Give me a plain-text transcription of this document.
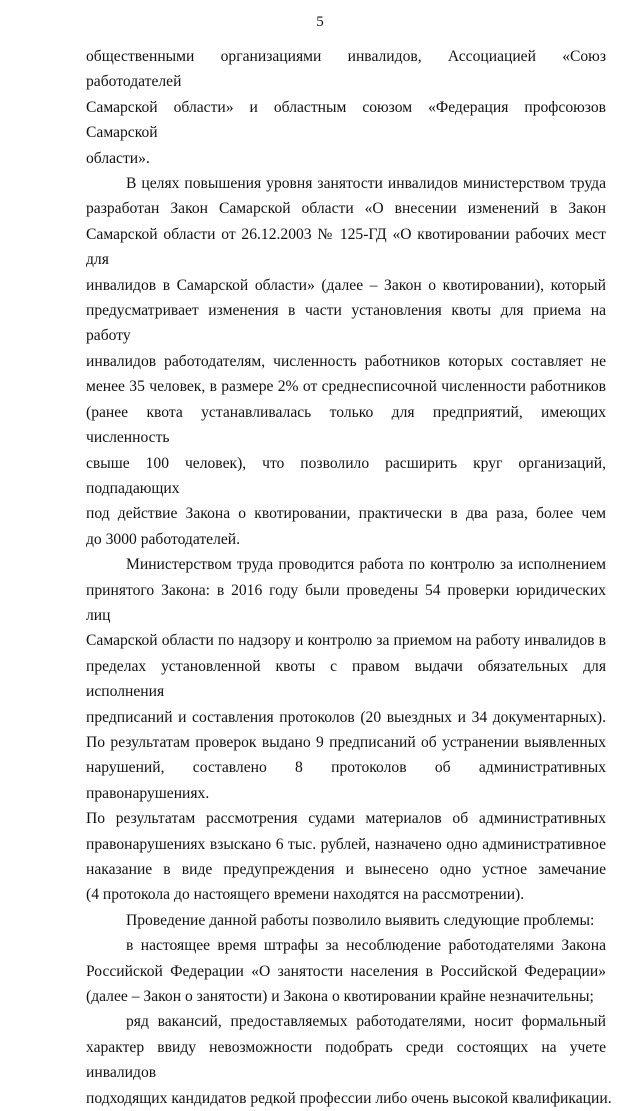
5
общественными организациями инвалидов, Ассоциацией «Союз работодателей
Самарской области» и областным союзом «Федерация профсоюзов Самарской
области».
В целях повышения уровня занятости инвалидов министерством труда
разработан Закон Самарской области «О внесении изменений в Закон
Самарской области от 26.12.2003 № 125-ГД «О квотировании рабочих мест для
инвалидов в Самарской области» (далее – Закон о квотировании), который
предусматривает изменения в части установления квоты для приема на работу
инвалидов работодателям, численность работников которых составляет не
менее 35 человек, в размере 2% от среднесписочной численности работников
(ранее квота устанавливалась только для предприятий, имеющих численность
свыше 100 человек), что позволило расширить круг организаций, подпадающих
под действие Закона о квотировании, практически в два раза, более чем
до 3000 работодателей.
Министерством труда проводится работа по контролю за исполнением
принятого Закона: в 2016 году были проведены 54 проверки юридических лиц
Самарской области по надзору и контролю за приемом на работу инвалидов в
пределах установленной квоты с правом выдачи обязательных для исполнения
предписаний и составления протоколов (20 выездных и 34 документарных).
По результатам проверок выдано 9 предписаний об устранении выявленных
нарушений, составлено 8 протоколов об административных правонарушениях.
По результатам рассмотрения судами материалов об административных
правонарушениях взыскано 6 тыс. рублей, назначено одно административное
наказание в виде предупреждения и вынесено одно устное замечание
(4 протокола до настоящего времени находятся на рассмотрении).
Проведение данной работы позволило выявить следующие проблемы:
в настоящее время штрафы за несоблюдение работодателями Закона
Российской Федерации «О занятости населения в Российской Федерации»
(далее – Закон о занятости) и Закона о квотировании крайне незначительны;
ряд вакансий, предоставляемых работодателями, носит формальный
характер ввиду невозможности подобрать среди состоящих на учете инвалидов
подходящих кандидатов редкой профессии либо очень высокой квалификации.
